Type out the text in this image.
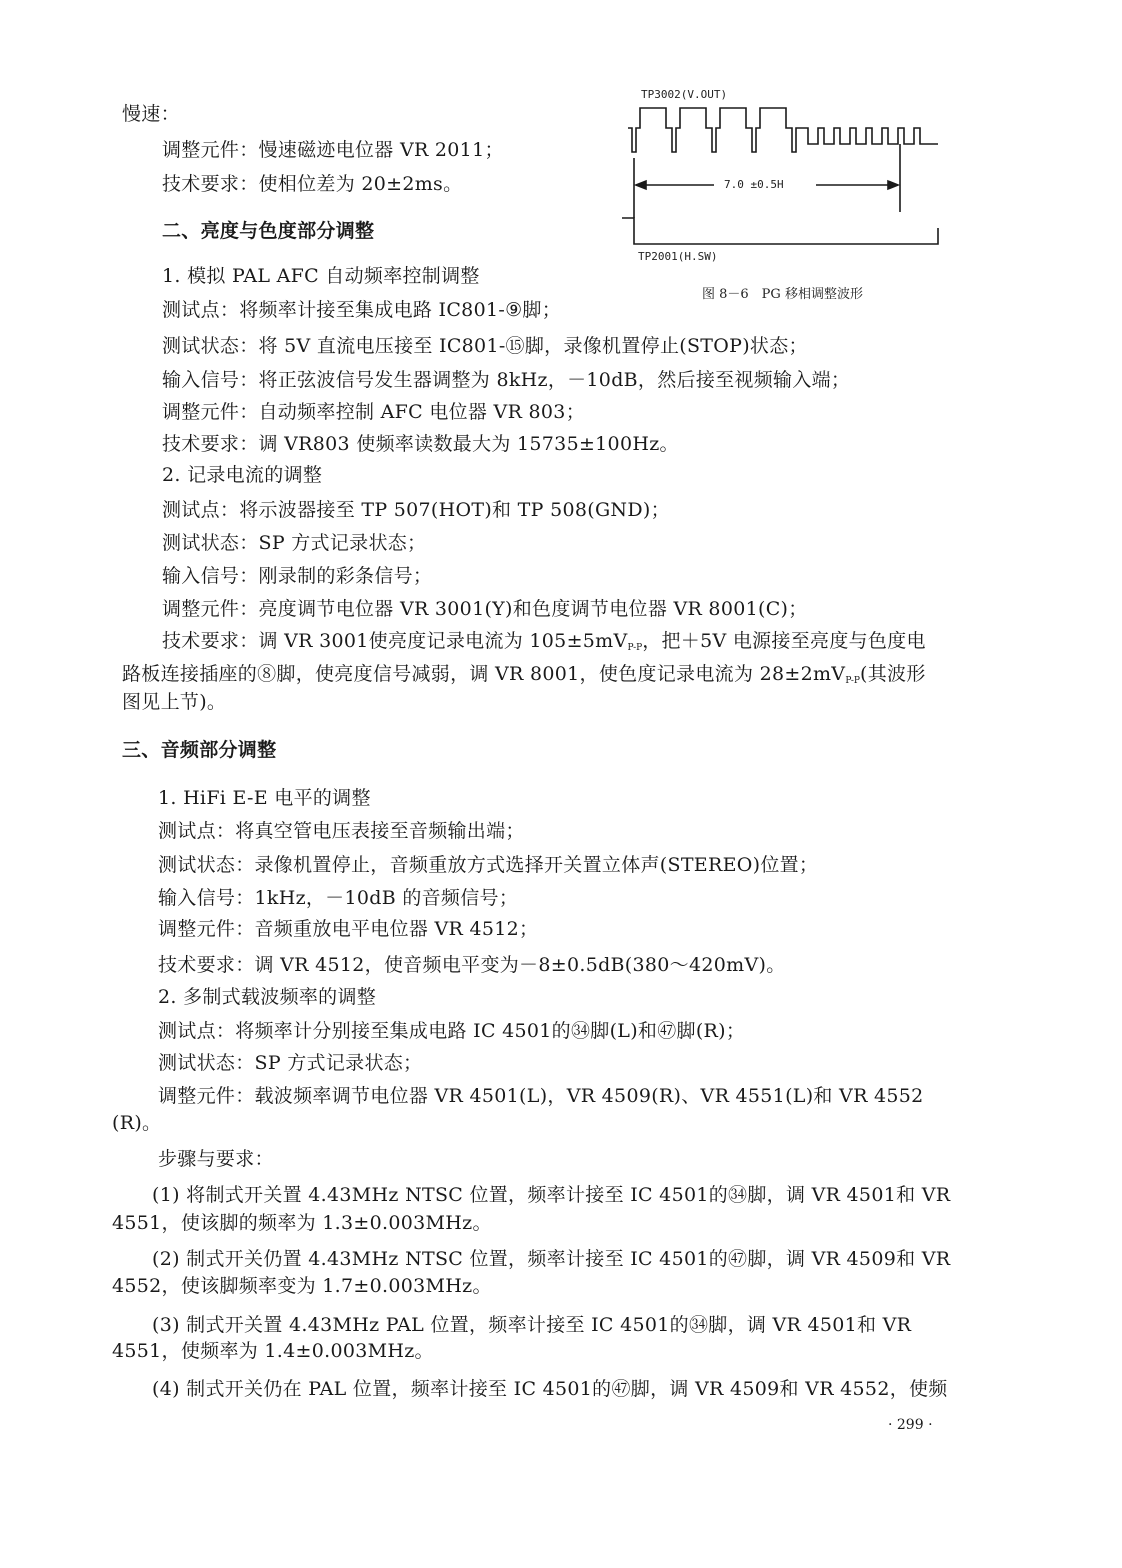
慢速：
调整元件：慢速磁迹电位器 VR 2011；
技术要求：使相位差为 20±2ms。
TP3002(V.OUT)
7.0 ±0.5H
TP2001(H.SW)
图 8－6　PG 移相调整波形
二、亮度与色度部分调整
1. 模拟 PAL AFC 自动频率控制调整
测试点：将频率计接至集成电路 IC801-⑨脚；
测试状态：将 5V 直流电压接至 IC801-⑮脚，录像机置停止(STOP)状态；
输入信号：将正弦波信号发生器调整为 8kHz，－10dB，然后接至视频输入端；
调整元件：自动频率控制 AFC 电位器 VR 803；
技术要求：调 VR803 使频率读数最大为 15735±100Hz。
2. 记录电流的调整
测试点：将示波器接至 TP 507(HOT)和 TP 508(GND)；
测试状态：SP 方式记录状态；
输入信号：刚录制的彩条信号；
调整元件：亮度调节电位器 VR 3001(Y)和色度调节电位器 VR 8001(C)；
技术要求：调 VR 3001使亮度记录电流为 $105\pm 5mV_{P-P}$，把＋5V 电源接至亮度与色度电
路板连接插座的⑧脚，使亮度信号减弱，调 VR 8001，使色度记录电流为 $28\pm 2mV_{P-P}$(其波形
图见上节)。
三、音频部分调整
1. HiFi E-E 电平的调整
测试点：将真空管电压表接至音频输出端；
测试状态：录像机置停止，音频重放方式选择开关置立体声(STEREO)位置；
输入信号：1kHz，－10dB 的音频信号；
调整元件：音频重放电平电位器 VR 4512；
技术要求：调 VR 4512，使音频电平变为－8±0.5dB(380～420mV)。
2. 多制式载波频率的调整
测试点：将频率计分别接至集成电路 IC 4501的㉞脚(L)和㊼脚(R)；
测试状态：SP 方式记录状态；
调整元件：载波频率调节电位器 VR 4501(L)，VR 4509(R)、VR 4551(L)和 VR 4552
(R)。
步骤与要求：
(1) 将制式开关置 4.43MHz NTSC 位置，频率计接至 IC 4501的㉞脚，调 VR 4501和 VR
4551，使该脚的频率为 1.3±0.003MHz。
(2) 制式开关仍置 4.43MHz NTSC 位置，频率计接至 IC 4501的㊼脚，调 VR 4509和 VR
4552，使该脚频率变为 1.7±0.003MHz。
(3) 制式开关置 4.43MHz PAL 位置，频率计接至 IC 4501的㉞脚，调 VR 4501和 VR
4551，使频率为 1.4±0.003MHz。
(4) 制式开关仍在 PAL 位置，频率计接至 IC 4501的㊼脚，调 VR 4509和 VR 4552，使频
· 299 ·
